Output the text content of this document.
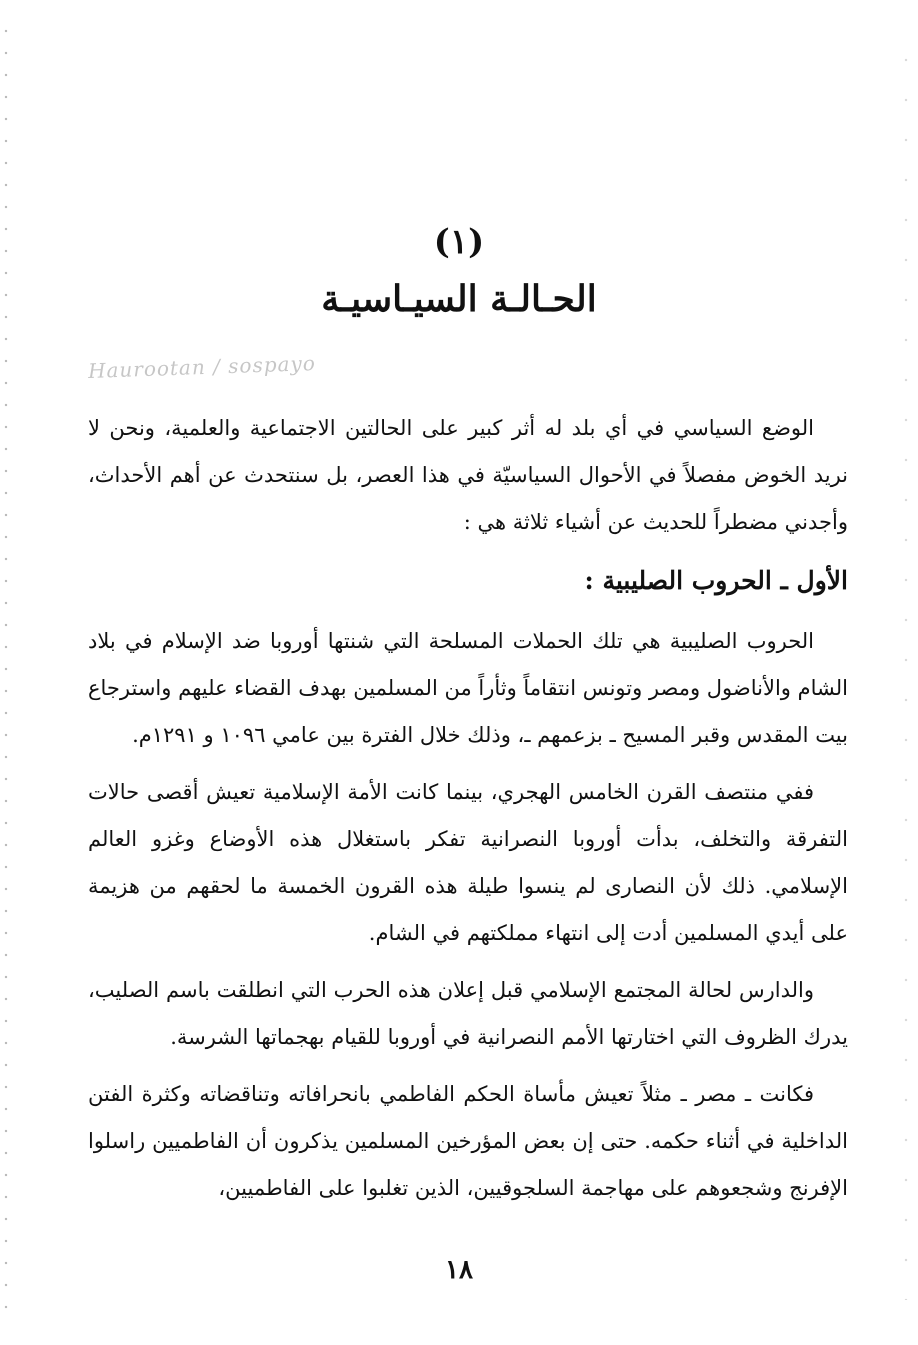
(١)
الحـالـة السيـاسيـة
Haurootan / sospayo

الوضع السياسي في أي بلد له أثر كبير على الحالتين الاجتماعية والعلمية، ونحن لا نريد الخوض مفصلاً في الأحوال السياسيّة في هذا العصر، بل سنتحدث عن أهم الأحداث، وأجدني مضطراً للحديث عن أشياء ثلاثة هي :

الأول ـ الحروب الصليبية :

الحروب الصليبية هي تلك الحملات المسلحة التي شنتها أوروبا ضد الإسلام في بلاد الشام والأناضول ومصر وتونس انتقاماً وثأراً من المسلمين بهدف القضاء عليهم واسترجاع بيت المقدس وقبر المسيح ـ بزعمهم ـ، وذلك خلال الفترة بين عامي ١٠٩٦ و ١٢٩١م.

ففي منتصف القرن الخامس الهجري، بينما كانت الأمة الإسلامية تعيش أقصى حالات التفرقة والتخلف، بدأت أوروبا النصرانية تفكر باستغلال هذه الأوضاع وغزو العالم الإسلامي. ذلك لأن النصارى لم ينسوا طيلة هذه القرون الخمسة ما لحقهم من هزيمة على أيدي المسلمين أدت إلى انتهاء مملكتهم في الشام.

والدارس لحالة المجتمع الإسلامي قبل إعلان هذه الحرب التي انطلقت باسم الصليب، يدرك الظروف التي اختارتها الأمم النصرانية في أوروبا للقيام بهجماتها الشرسة.

فكانت ـ مصر ـ مثلاً تعيش مأساة الحكم الفاطمي بانحرافاته وتناقضاته وكثرة الفتن الداخلية في أثناء حكمه. حتى إن بعض المؤرخين المسلمين يذكرون أن الفاطميين راسلوا الإفرنج وشجعوهم على مهاجمة السلجوقيين، الذين تغلبوا على الفاطميين،

١٨
